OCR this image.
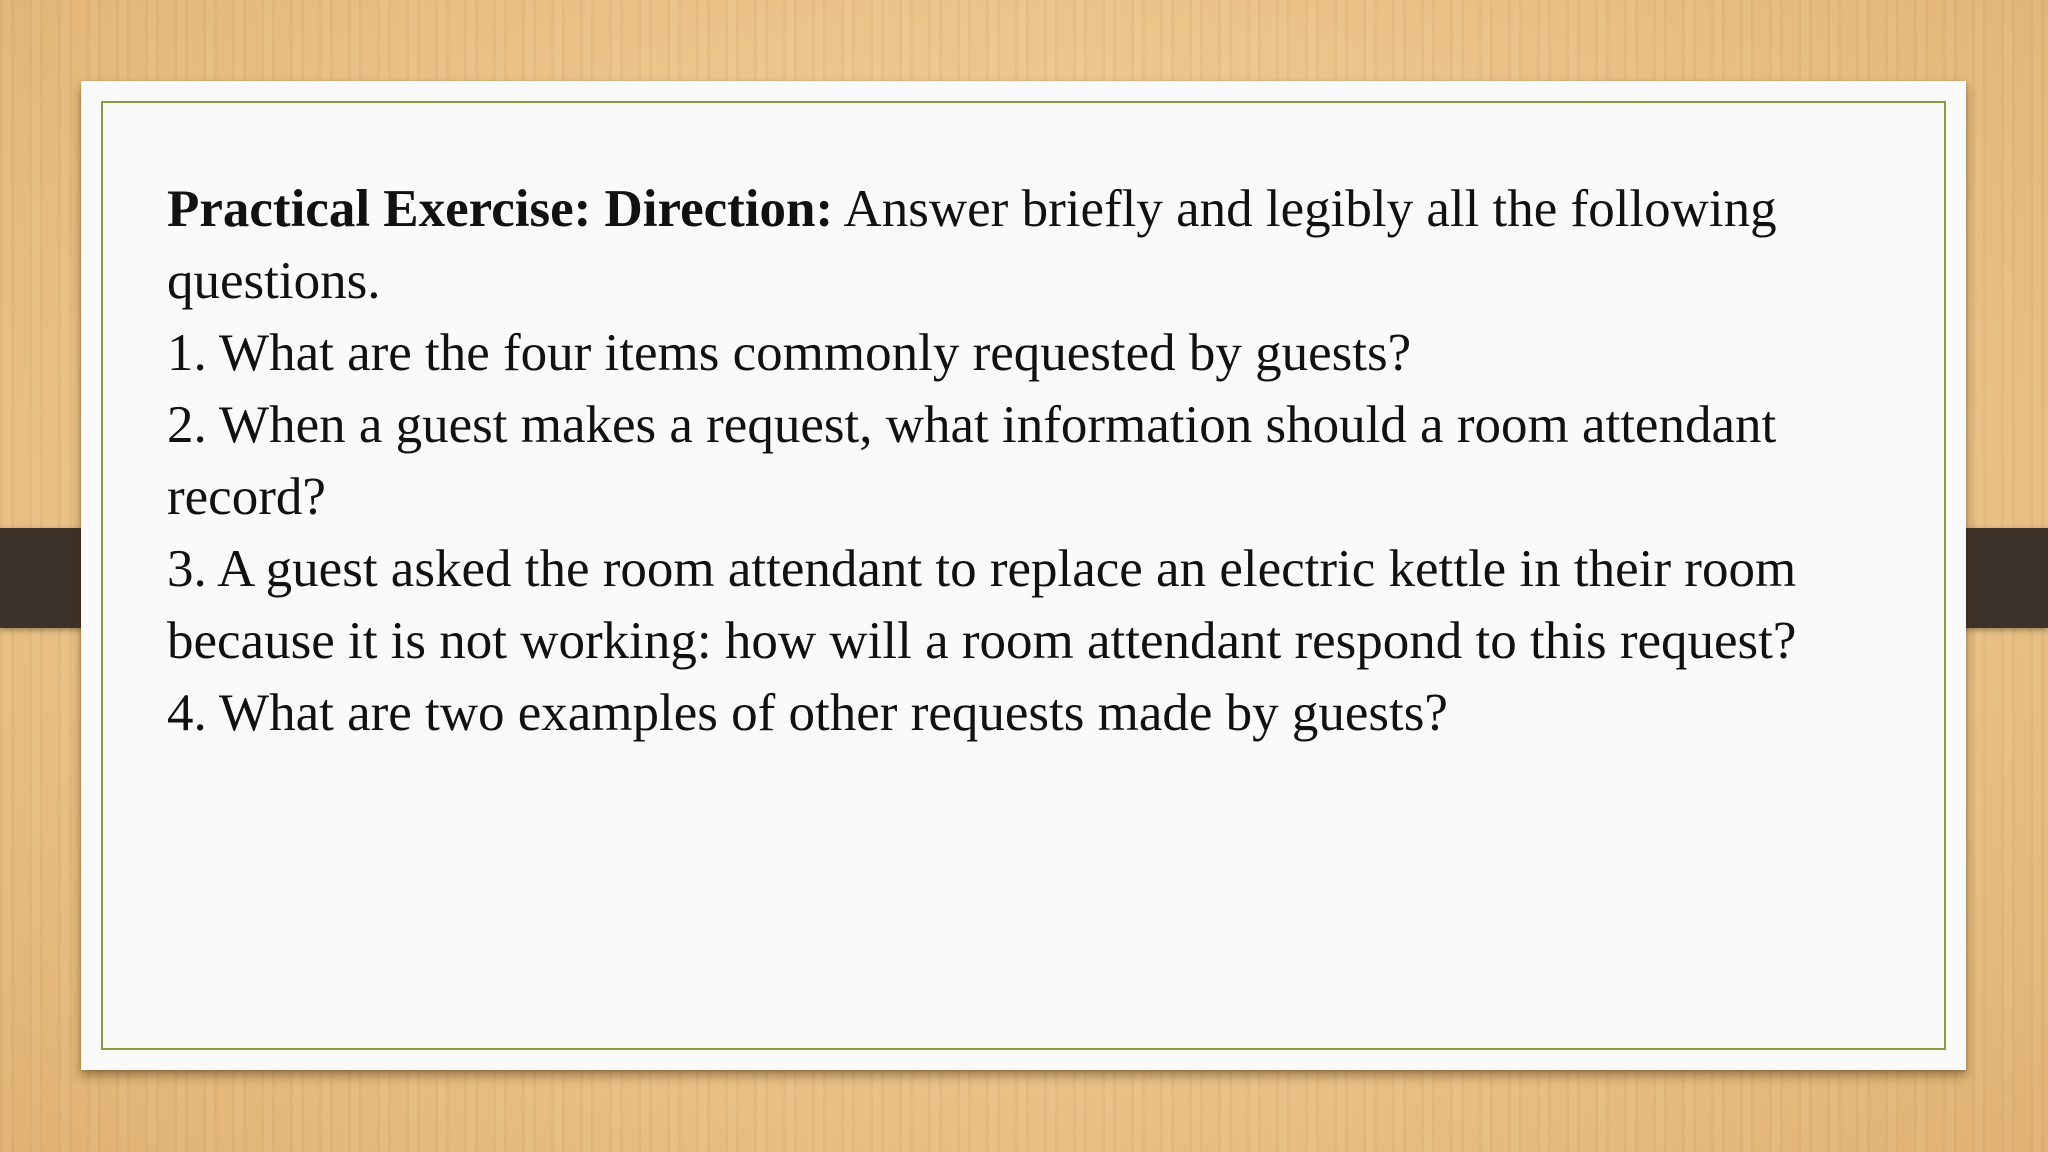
Practical Exercise: Direction: Answer briefly and legibly all the following questions.

1. What are the four items commonly requested by guests?

2. When a guest makes a request, what information should a room attendant record?

3. A guest asked the room attendant to replace an electric kettle in their room because it is not working: how will a room attendant respond to this request?

4. What are two examples of other requests made by guests?
